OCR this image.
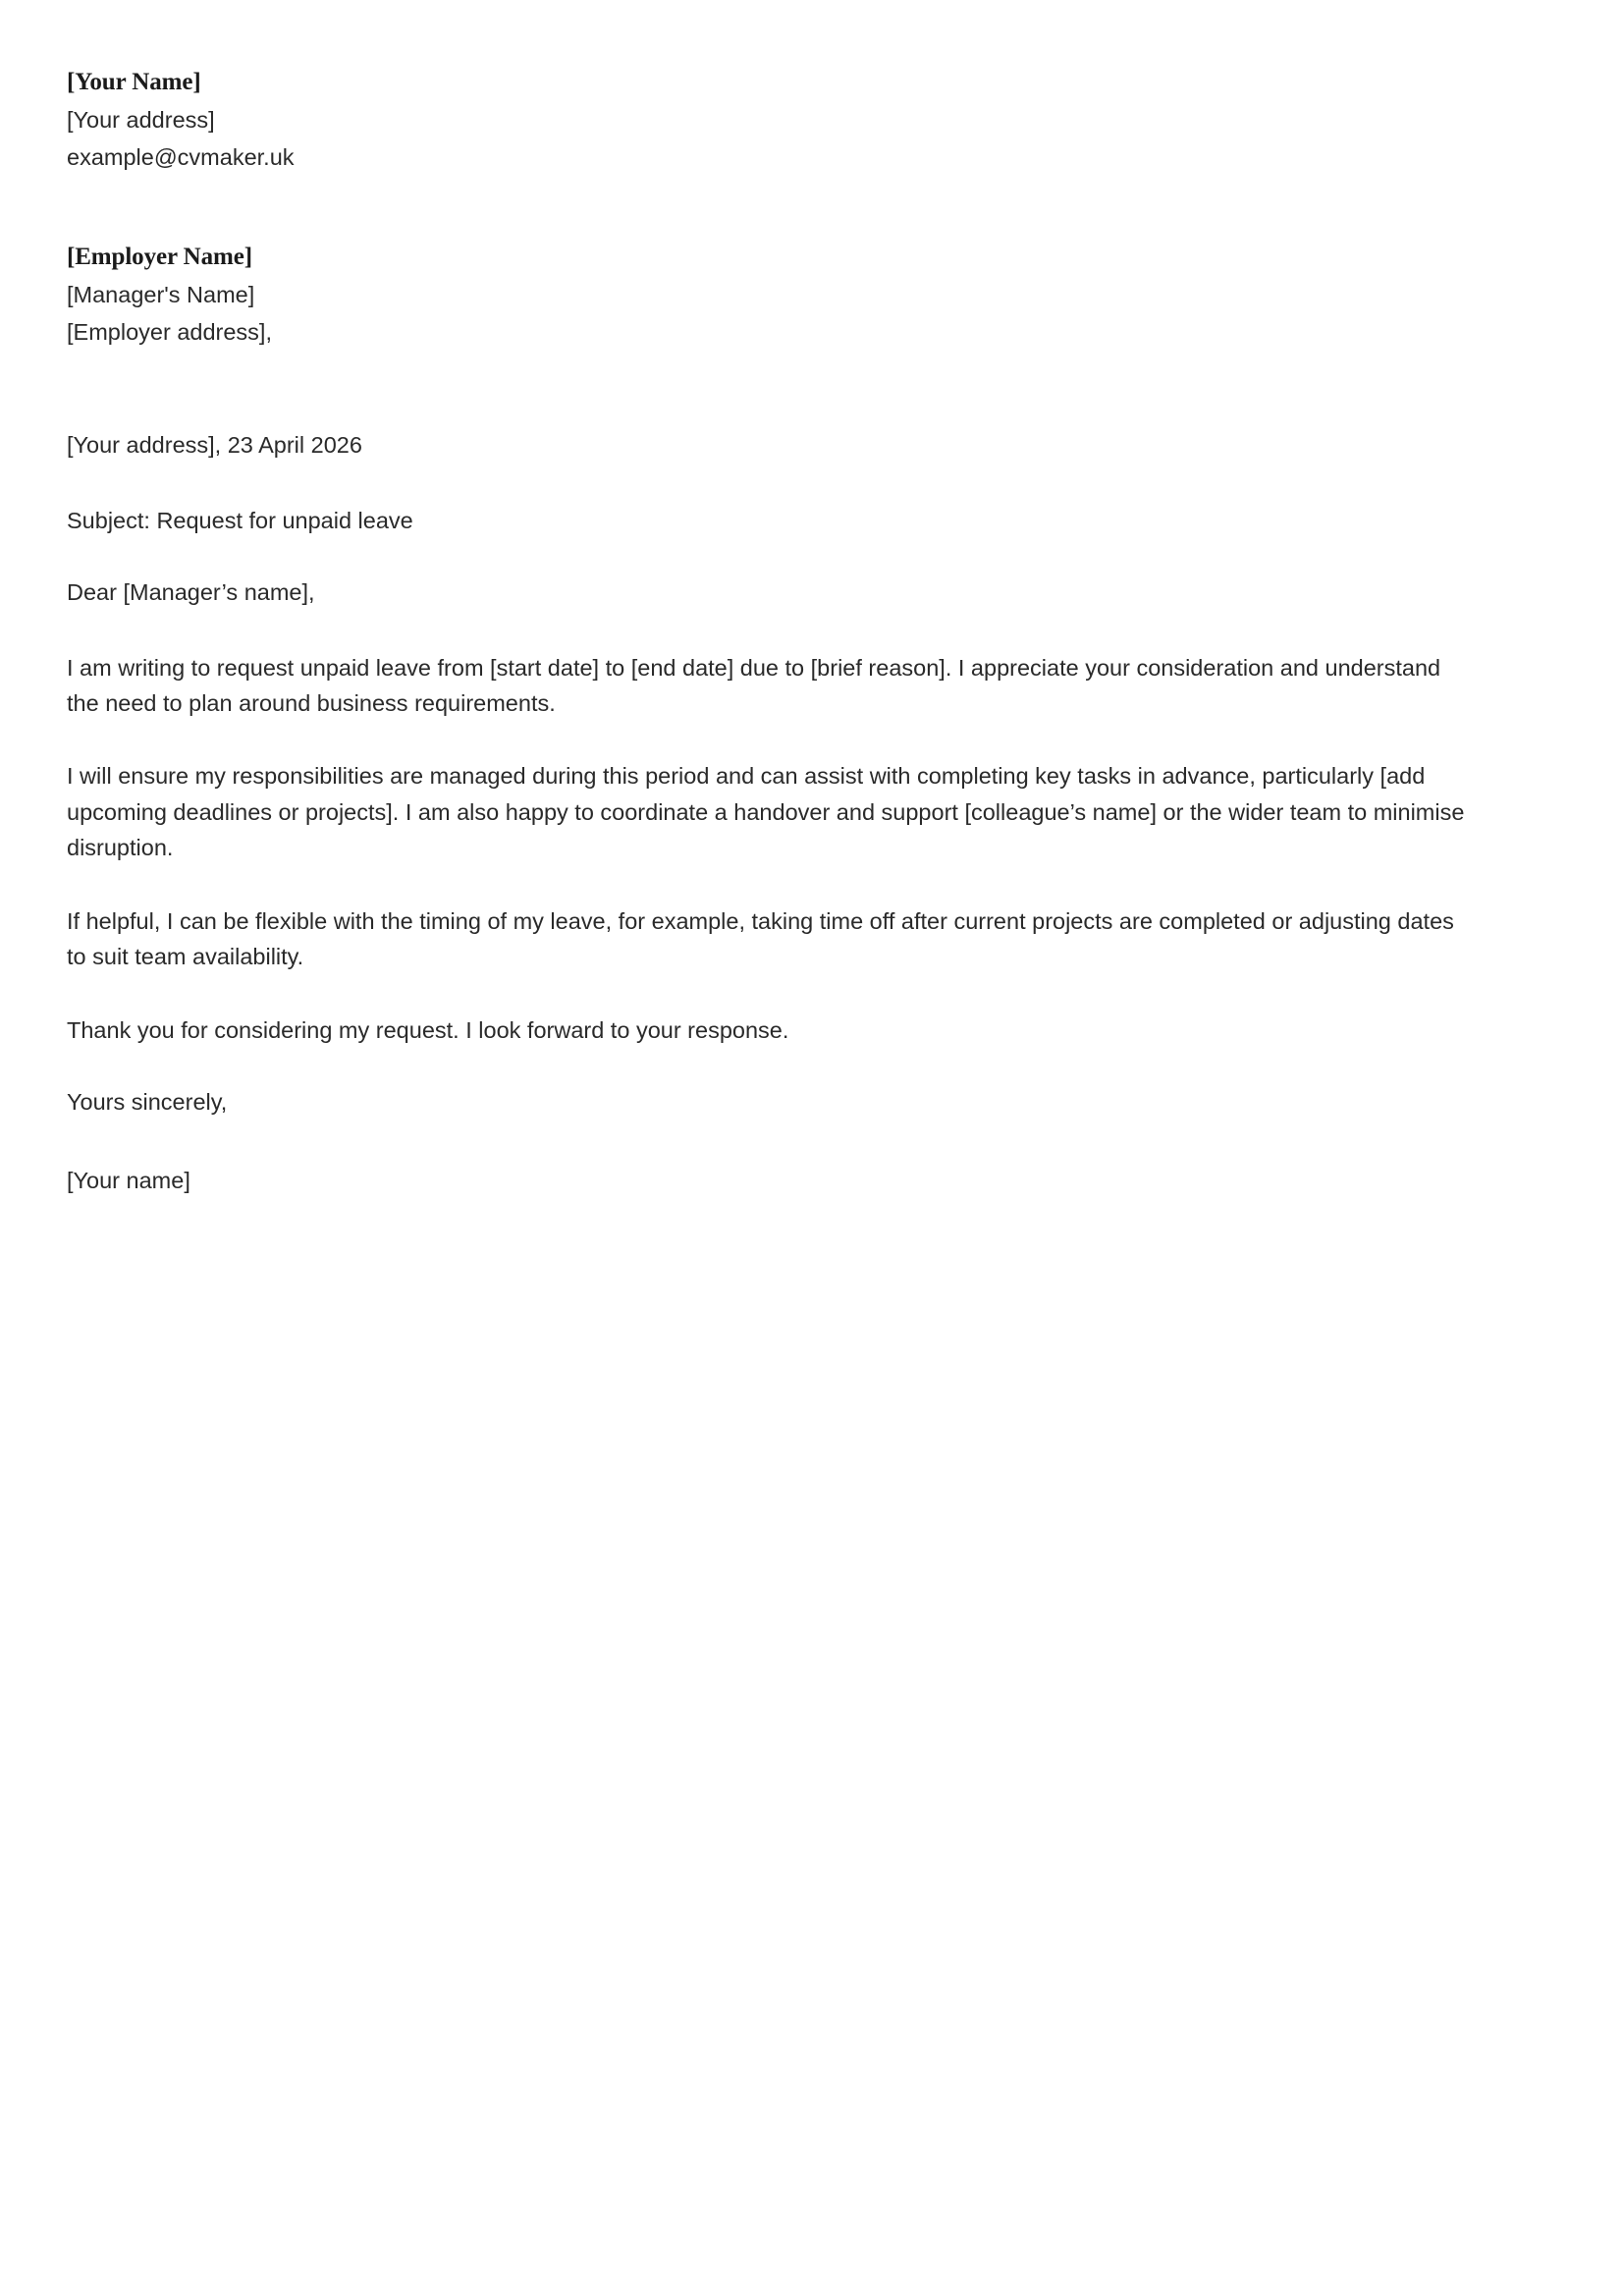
[Your Name]
[Your address]
example@cvmaker.uk
[Employer Name]
[Manager's Name]
[Employer address],
[Your address], 23 April 2026
Subject: Request for unpaid leave
Dear [Manager’s name],
I am writing to request unpaid leave from [start date] to [end date] due to [brief reason]. I appreciate your consideration and understand the need to plan around business requirements.
I will ensure my responsibilities are managed during this period and can assist with completing key tasks in advance, particularly [add upcoming deadlines or projects]. I am also happy to coordinate a handover and support [colleague’s name] or the wider team to minimise disruption.
If helpful, I can be flexible with the timing of my leave, for example, taking time off after current projects are completed or adjusting dates to suit team availability.
Thank you for considering my request. I look forward to your response.
Yours sincerely,
[Your name]
